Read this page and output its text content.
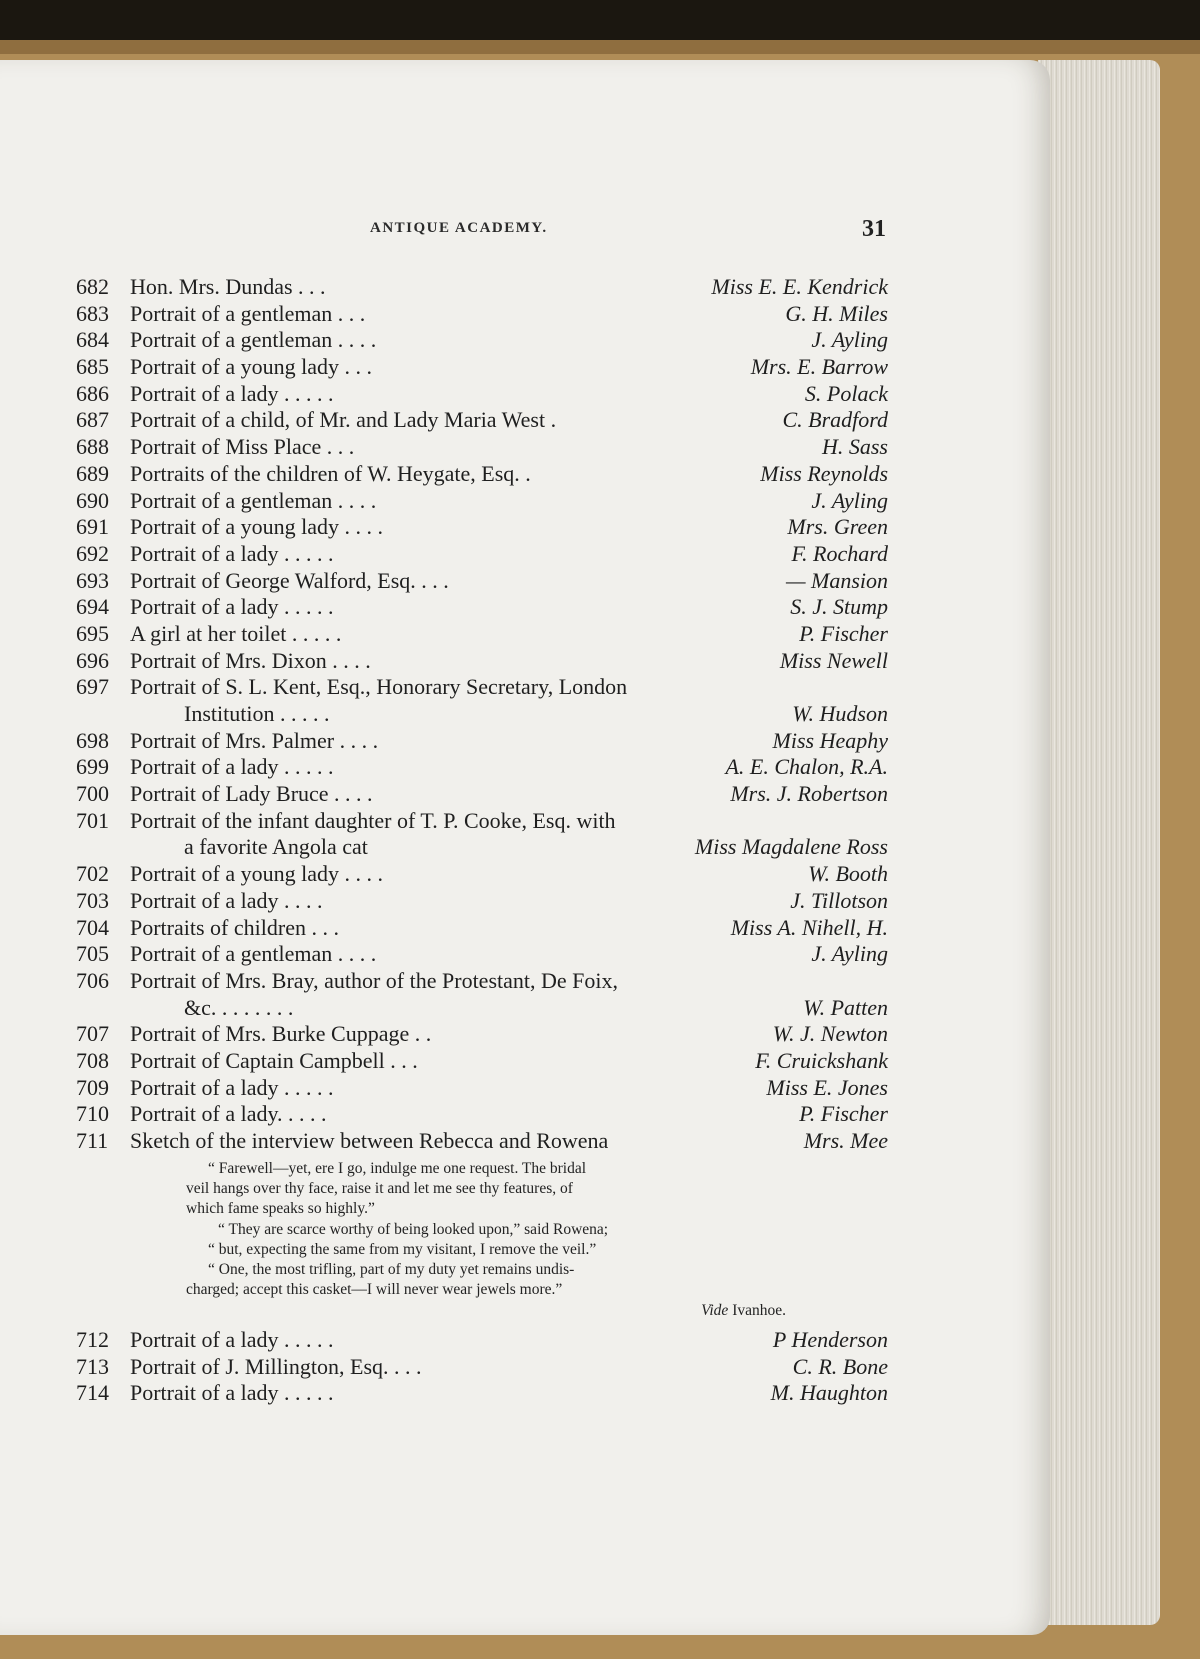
ANTIQUE ACADEMY.	31
682 Hon. Mrs. Dundas . . .	Miss E. E. Kendrick
683 Portrait of a gentleman . . .	G. H. Miles
684 Portrait of a gentleman . . . .	J. Ayling
685 Portrait of a young lady . . .	Mrs. E. Barrow
686 Portrait of a lady . . . . .	S. Polack
687 Portrait of a child, of Mr. and Lady Maria West .	C. Bradford
688 Portrait of Miss Place . . .	H. Sass
689 Portraits of the children of W. Heygate, Esq. .	Miss Reynolds
690 Portrait of a gentleman . . . .	J. Ayling
691 Portrait of a young lady . . . .	Mrs. Green
692 Portrait of a lady . . . . .	F. Rochard
693 Portrait of George Walford, Esq. . . .	— Mansion
694 Portrait of a lady . . . . .	S. J. Stump
695 A girl at her toilet . . . . .	P. Fischer
696 Portrait of Mrs. Dixon . . . .	Miss Newell
697 Portrait of S. L. Kent, Esq., Honorary Secretary, London
Institution . . . . .	W. Hudson
698 Portrait of Mrs. Palmer . . . .	Miss Heaphy
699 Portrait of a lady . . . . .	A. E. Chalon, R.A.
700 Portrait of Lady Bruce . . . .	Mrs. J. Robertson
701 Portrait of the infant daughter of T. P. Cooke, Esq. with
a favorite Angola cat	Miss Magdalene Ross
702 Portrait of a young lady . . . .	W. Booth
703 Portrait of a lady . . . .	J. Tillotson
704 Portraits of children . . .	Miss A. Nihell, H.
705 Portrait of a gentleman . . . .	J. Ayling
706 Portrait of Mrs. Bray, author of the Protestant, De Foix,
&c. . . . . . . .	W. Patten
707 Portrait of Mrs. Burke Cuppage . .	W. J. Newton
708 Portrait of Captain Campbell . . .	F. Cruickshank
709 Portrait of a lady . . . . .	Miss E. Jones
710 Portrait of a lady. . . . .	P. Fischer
711 Sketch of the interview between Rebecca and Rowena	Mrs. Mee

“ Farewell—yet, ere I go, indulge me one request. The bridal

veil hangs over thy face, raise it and let me see thy features, of

which fame speaks so highly.”

“ They are scarce worthy of being looked upon,” said Rowena;

“ but, expecting the same from my visitant, I remove the veil.”

“ One, the most trifling, part of my duty yet remains undis-

charged; accept this casket—I will never wear jewels more.”

Vide Ivanhoe.

712 Portrait of a lady . . . . .	P Henderson
713 Portrait of J. Millington, Esq. . . .	C. R. Bone
714 Portrait of a lady . . . . .	M. Haughton
